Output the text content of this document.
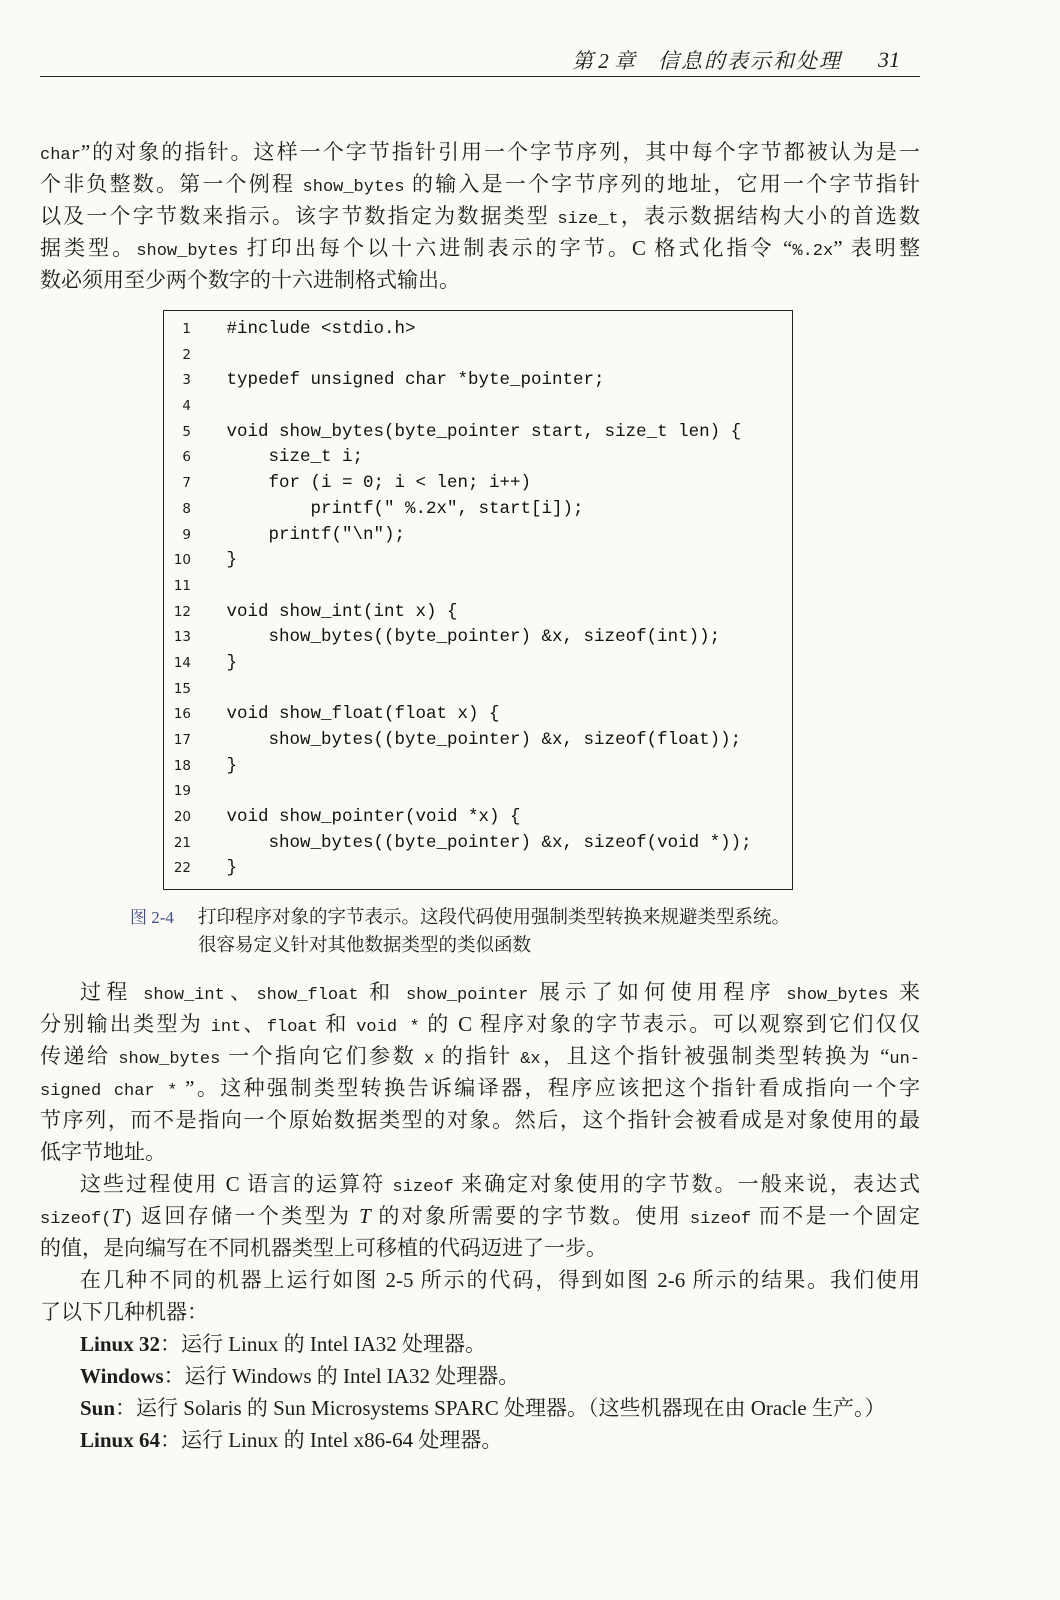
第 2 章 信息的表示和处理 31
char”的对象的指针。这样一个字节指针引用一个字节序列，其中每个字节都被认为是一
个非负整数。第一个例程 show_bytes 的输入是一个字节序列的地址，它用一个字节指针
以及一个字节数来指示。该字节数指定为数据类型 size_t，表示数据结构大小的首选数
据类型。show_bytes 打印出每个以十六进制表示的字节。C 格式化指令 “%.2x” 表明整
数必须用至少两个数字的十六进制格式输出。
1 #include <stdio.h>
2
3 typedef unsigned char *byte_pointer;
4
5 void show_bytes(byte_pointer start, size_t len) {
6 size_t i;
7 for (i = 0; i < len; i++)
8 printf(" %.2x", start[i]);
9 printf("\n");
10 }
11
12 void show_int(int x) {
13 show_bytes((byte_pointer) &x, sizeof(int));
14 }
15
16 void show_float(float x) {
17 show_bytes((byte_pointer) &x, sizeof(float));
18 }
19
20 void show_pointer(void *x) {
21 show_bytes((byte_pointer) &x, sizeof(void *));
22 }
图 2-4 打印程序对象的字节表示。这段代码使用强制类型转换来规避类型系统。
很容易定义针对其他数据类型的类似函数
过程 show_int、show_float 和 show_pointer 展示了如何使用程序 show_bytes 来
分别输出类型为 int、float 和 void * 的 C 程序对象的字节表示。可以观察到它们仅仅
传递给 show_bytes 一个指向它们参数 x 的指针 &x，且这个指针被强制类型转换为 “un-
signed char * ”。这种强制类型转换告诉编译器，程序应该把这个指针看成指向一个字
节序列，而不是指向一个原始数据类型的对象。然后，这个指针会被看成是对象使用的最
低字节地址。
这些过程使用 C 语言的运算符 sizeof 来确定对象使用的字节数。一般来说，表达式
sizeof(T) 返回存储一个类型为 T 的对象所需要的字节数。使用 sizeof 而不是一个固定
的值，是向编写在不同机器类型上可移植的代码迈进了一步。
在几种不同的机器上运行如图 2-5 所示的代码，得到如图 2-6 所示的结果。我们使用
了以下几种机器：
Linux 32：运行 Linux 的 Intel IA32 处理器。
Windows：运行 Windows 的 Intel IA32 处理器。
Sun：运行 Solaris 的 Sun Microsystems SPARC 处理器。（这些机器现在由 Oracle 生产。）
Linux 64：运行 Linux 的 Intel x86-64 处理器。
